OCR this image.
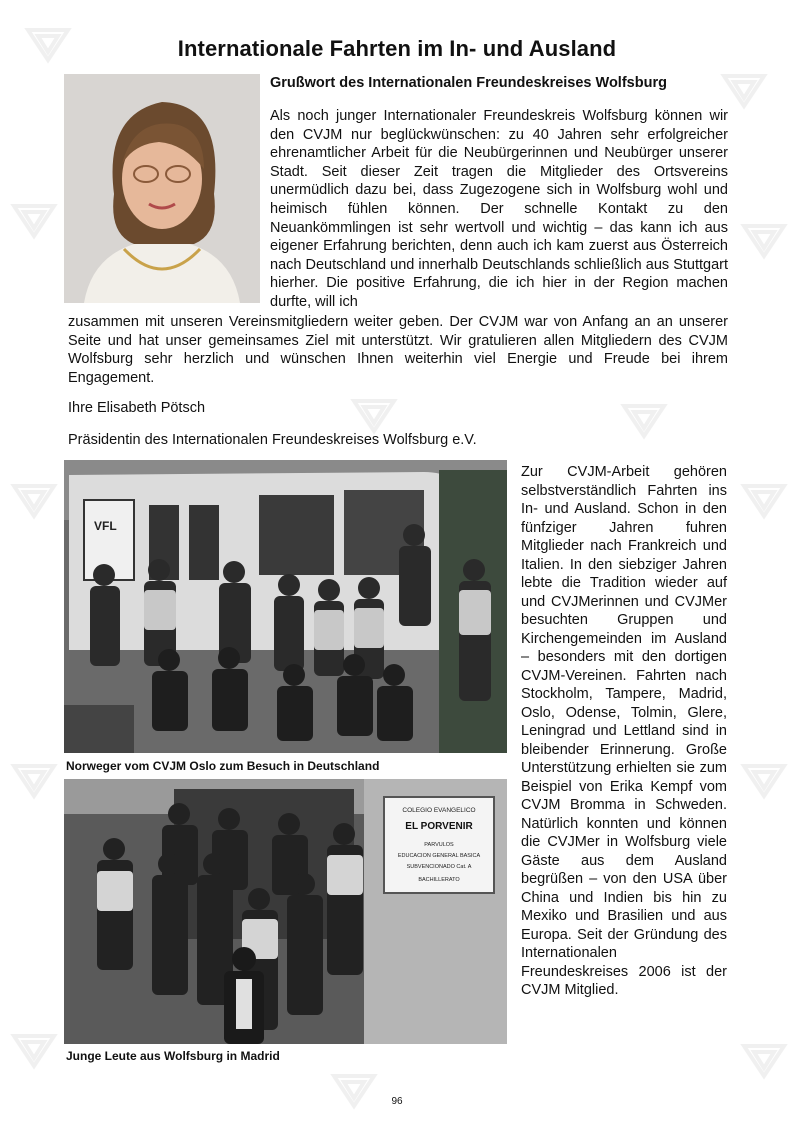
Internationale Fahrten im In- und Ausland
Grußwort des Internationalen Freundeskreises Wolfsburg
Als noch junger Internationaler Freundeskreis Wolfsburg können wir den CVJM nur beglückwünschen: zu 40 Jahren sehr erfolgreicher ehrenamtlicher Arbeit für die Neubürgerinnen und Neubürger unserer Stadt. Seit dieser Zeit tragen die Mitglieder des Ortsvereins unermüdlich dazu bei, dass Zugezogene sich in Wolfsburg wohl und heimisch fühlen können. Der schnelle Kontakt zu den Neuankömmlingen ist sehr wertvoll und wichtig – das kann ich aus eigener Erfahrung berichten, denn auch ich kam zuerst aus Österreich nach Deutschland und innerhalb Deutschlands schließlich aus Stuttgart hierher. Die positive Erfahrung, die ich hier in der Region machen durfte, will ich
zusammen mit unseren Vereinsmitgliedern weiter geben. Der CVJM war von Anfang an an unserer Seite und hat unser gemeinsames Ziel mit unterstützt. Wir gratulieren allen Mitgliedern des CVJM Wolfsburg sehr herzlich und wünschen Ihnen weiterhin viel Energie und Freude bei ihrem Engagement.
Ihre Elisabeth Pötsch
Präsidentin des Internationalen Freundeskreises Wolfsburg e.V.
VFL
Norweger vom CVJM Oslo zum Besuch in Deutschland
COLEGIO EVANGELICO
EL PORVENIR
PARVULOS
EDUCACION GENERAL BASICA
SUBVENCIONADO Cat. A
BACHILLERATO
Junge Leute aus Wolfsburg in Madrid
Zur CVJM-Arbeit gehören selbstverständlich Fahrten ins In- und Ausland. Schon in den fünfziger Jahren fuhren Mitglieder nach Frankreich und Italien. In den siebziger Jahren lebte die Tradition wieder auf und CVJMerinnen und CVJMer besuchten Gruppen und Kirchengemeinden im Ausland – besonders mit den dortigen CVJM-Vereinen. Fahrten nach Stockholm, Tampere, Madrid, Oslo, Odense, Tolmin, Glere, Leningrad und Lettland sind in bleibender Erinnerung. Große Unterstützung erhielten sie zum Beispiel von Erika Kempf vom CVJM Bromma in Schweden. Natürlich konnten und können die CVJMer in Wolfsburg viele Gäste aus dem Ausland begrüßen – von den USA über China und Indien bis hin zu Mexiko und Brasilien und aus Europa. Seit der Gründung des Internationalen Freundeskreises 2006 ist der CVJM Mitglied.
96
